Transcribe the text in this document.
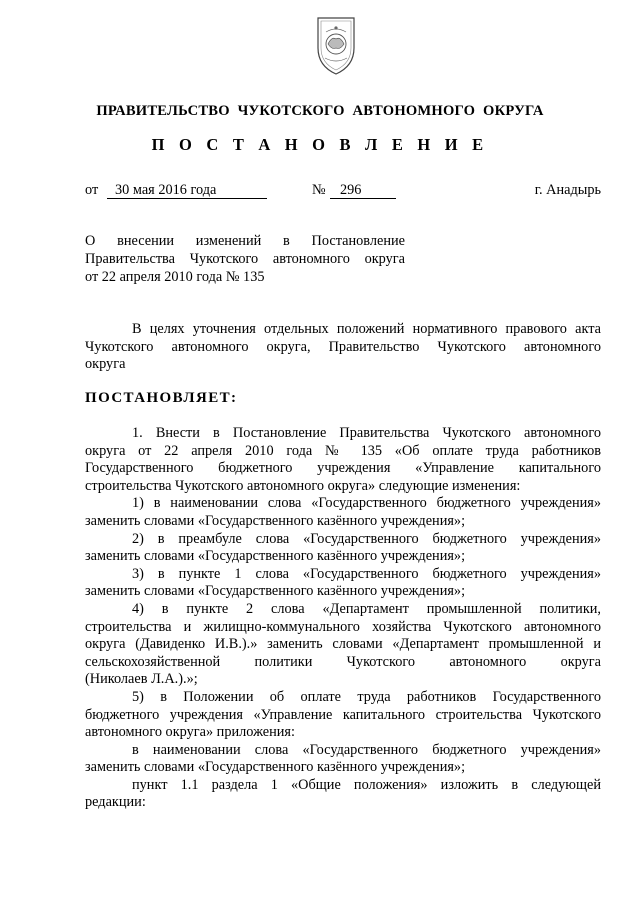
ПРАВИТЕЛЬСТВО ЧУКОТСКОГО АВТОНОМНОГО ОКРУГА
П О С Т А Н О В Л Е Н И Е
от 30 мая 2016 года	№ 296	г. Анадырь
О внесении изменений в Постановление
Правительства Чукотского автономного округа
от 22 апреля 2010 года № 135
В целях уточнения отдельных положений нормативного правового акта
Чукотского автономного округа, Правительство Чукотского автономного
округа
ПОСТАНОВЛЯЕТ:
1. Внести в Постановление Правительства Чукотского автономного
округа от 22 апреля 2010 года № 135 «Об оплате труда работников
Государственного бюджетного учреждения «Управление капитального
строительства Чукотского автономного округа» следующие изменения:
1) в наименовании слова «Государственного бюджетного учреждения»
заменить словами «Государственного казённого учреждения»;
2) в преамбуле слова «Государственного бюджетного учреждения»
заменить словами «Государственного казённого учреждения»;
3) в пункте 1 слова «Государственного бюджетного учреждения»
заменить словами «Государственного казённого учреждения»;
4) в пункте 2 слова «Департамент промышленной политики,
строительства и жилищно-коммунального хозяйства Чукотского автономного
округа (Давиденко И.В.).» заменить словами «Департамент промышленной и
сельскохозяйственной политики Чукотского автономного округа
(Николаев Л.А.).»;
5) в Положении об оплате труда работников Государственного
бюджетного учреждения «Управление капитального строительства Чукотского
автономного округа» приложения:
в наименовании слова «Государственного бюджетного учреждения»
заменить словами «Государственного казённого учреждения»;
пункт 1.1 раздела 1 «Общие положения» изложить в следующей
редакции:
